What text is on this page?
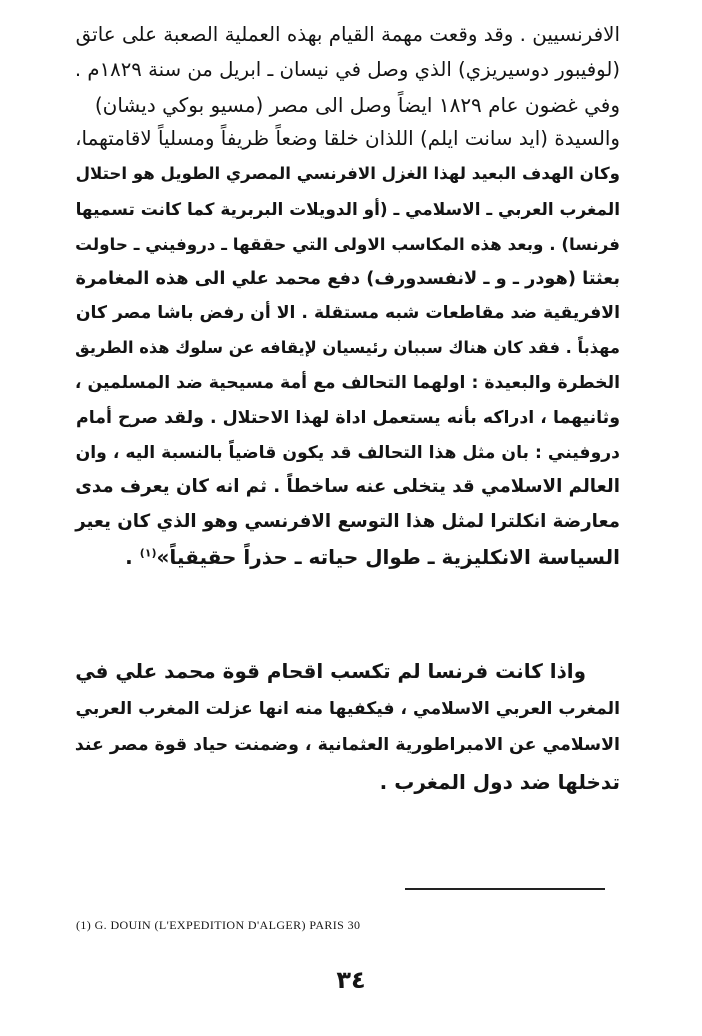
الافرنسيين . وقد وقعت مهمة القيام بهذه العملية الصعبة على عاتق
(لوفيبور دوسيريزي) الذي وصل في نيسان ـ ابريل من سنة ١٨٢٩م .
وفي غضون عام ١٨٢٩ ايضاً وصل الى مصر (مسيو بوكي ديشان)
والسيدة (ايد سانت ايلم) اللذان خلقا وضعاً ظريفاً ومسلياً لاقامتهما،
وكان الهدف البعيد لهذا الغزل الافرنسي المصري الطويل هو احتلال
المغرب العربي ـ الاسلامي ـ (أو الدويلات البربرية كما كانت تسميها
فرنسا) . وبعد هذه المكاسب الاولى التي حققها ـ دروفيني ـ حاولت
بعثتا (هودر ـ و ـ لانفسدورف) دفع محمد علي الى هذه المغامرة
الافريقية ضد مقاطعات شبه مستقلة . الا أن رفض باشا مصر كان
مهذباً . فقد كان هناك سببان رئيسيان لإيقافه عن سلوك هذه الطريق
الخطرة والبعيدة : اولهما التحالف مع أمة مسيحية ضد المسلمين ،
وثانيهما ، ادراكه بأنه يستعمل اداة لهذا الاحتلال . ولقد صرح أمام
دروفيني : بان مثل هذا التحالف قد يكون قاضياً بالنسبة اليه ، وان
العالم الاسلامي قد يتخلى عنه ساخطاً . ثم انه كان يعرف مدى
معارضة انكلترا لمثل هذا التوسع الافرنسي وهو الذي كان يعير
السياسة الانكليزية ـ طوال حياته ـ حذراً حقيقياً»$^{(١)}$ .
واذا كانت فرنسا لم تكسب اقحام قوة محمد علي في
المغرب العربي الاسلامي ، فيكفيها منه انها عزلت المغرب العربي
الاسلامي عن الامبراطورية العثمانية ، وضمنت حياد قوة مصر عند
تدخلها ضد دول المغرب .
(1) G. DOUIN (L'EXPEDITION D'ALGER) PARIS 30
٣٤
